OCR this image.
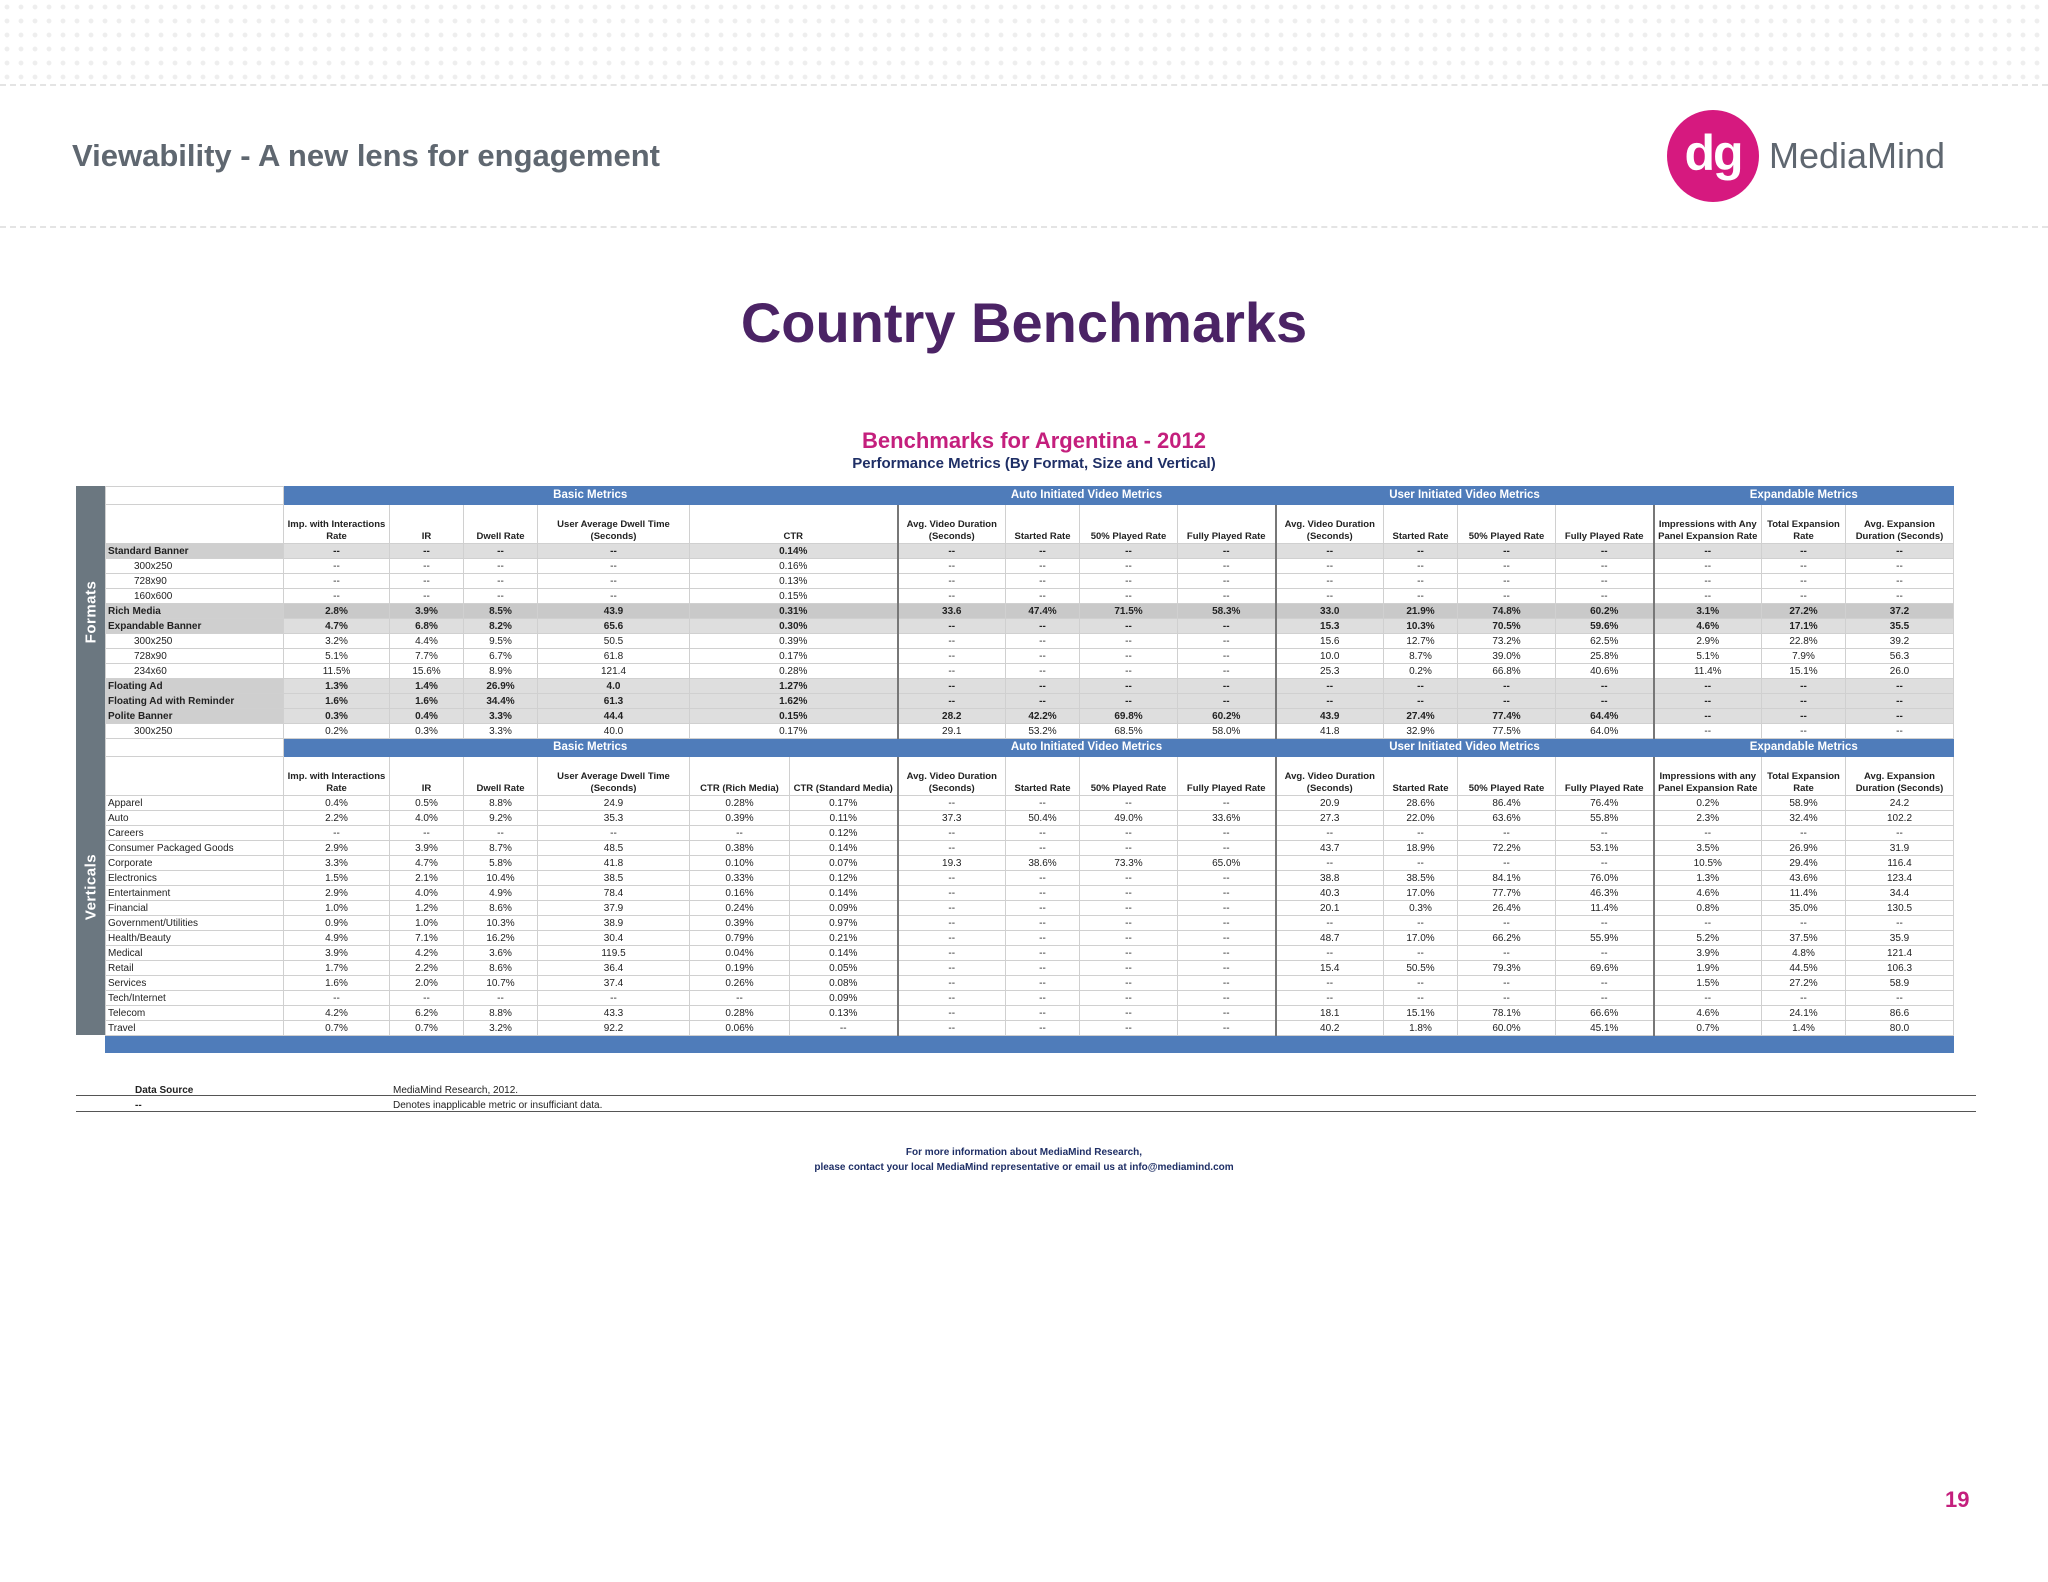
Viewability - A new lens for engagement	dg MediaMind
Country Benchmarks
Benchmarks for Argentina - 2012
Performance Metrics (By Format, Size and Vertical)
Formats
Verticals
	Basic Metrics						Auto Initiated Video Metrics				User Initiated Video Metrics				Expandable Metrics		
	Imp. with Interactions Rate	IR	Dwell Rate	User Average Dwell Time (Seconds)	CTR		Avg. Video Duration (Seconds)	Started Rate	50% Played Rate	Fully Played Rate	Avg. Video Duration (Seconds)	Started Rate	50% Played Rate	Fully Played Rate	Impressions with Any Panel Expansion Rate	Total Expansion Rate	Avg. Expansion Duration (Seconds)
Standard Banner	--	--	--	--	0.14%		--	--	--	--	--	--	--	--	--	--	--
300x250	--	--	--	--	0.16%		--	--	--	--	--	--	--	--	--	--	--
728x90	--	--	--	--	0.13%		--	--	--	--	--	--	--	--	--	--	--
160x600	--	--	--	--	0.15%		--	--	--	--	--	--	--	--	--	--	--
Rich Media	2.8%	3.9%	8.5%	43.9	0.31%		33.6	47.4%	71.5%	58.3%	33.0	21.9%	74.8%	60.2%	3.1%	27.2%	37.2
Expandable Banner	4.7%	6.8%	8.2%	65.6	0.30%		--	--	--	--	15.3	10.3%	70.5%	59.6%	4.6%	17.1%	35.5
300x250	3.2%	4.4%	9.5%	50.5	0.39%		--	--	--	--	15.6	12.7%	73.2%	62.5%	2.9%	22.8%	39.2
728x90	5.1%	7.7%	6.7%	61.8	0.17%		--	--	--	--	10.0	8.7%	39.0%	25.8%	5.1%	7.9%	56.3
234x60	11.5%	15.6%	8.9%	121.4	0.28%		--	--	--	--	25.3	0.2%	66.8%	40.6%	11.4%	15.1%	26.0
Floating Ad	1.3%	1.4%	26.9%	4.0	1.27%		--	--	--	--	--	--	--	--	--	--	--
Floating Ad with Reminder	1.6%	1.6%	34.4%	61.3	1.62%		--	--	--	--	--	--	--	--	--	--	--
Polite Banner	0.3%	0.4%	3.3%	44.4	0.15%		28.2	42.2%	69.8%	60.2%	43.9	27.4%	77.4%	64.4%	--	--	--
300x250	0.2%	0.3%	3.3%	40.0	0.17%		29.1	53.2%	68.5%	58.0%	41.8	32.9%	77.5%	64.0%	--	--	--
	Basic Metrics						Auto Initiated Video Metrics				User Initiated Video Metrics				Expandable Metrics		
	Imp. with Interactions Rate	IR	Dwell Rate	User Average Dwell Time (Seconds)	CTR (Rich Media)	CTR (Standard Media)	Avg. Video Duration (Seconds)	Started Rate	50% Played Rate	Fully Played Rate	Avg. Video Duration (Seconds)	Started Rate	50% Played Rate	Fully Played Rate	Impressions with any Panel Expansion Rate	Total Expansion Rate	Avg. Expansion Duration (Seconds)
Apparel	0.4%	0.5%	8.8%	24.9	0.28%	0.17%	--	--	--	--	20.9	28.6%	86.4%	76.4%	0.2%	58.9%	24.2
Auto	2.2%	4.0%	9.2%	35.3	0.39%	0.11%	37.3	50.4%	49.0%	33.6%	27.3	22.0%	63.6%	55.8%	2.3%	32.4%	102.2
Careers	--	--	--	--	--	0.12%	--	--	--	--	--	--	--	--	--	--	--
Consumer Packaged Goods	2.9%	3.9%	8.7%	48.5	0.38%	0.14%	--	--	--	--	43.7	18.9%	72.2%	53.1%	3.5%	26.9%	31.9
Corporate	3.3%	4.7%	5.8%	41.8	0.10%	0.07%	19.3	38.6%	73.3%	65.0%	--	--	--	--	10.5%	29.4%	116.4
Electronics	1.5%	2.1%	10.4%	38.5	0.33%	0.12%	--	--	--	--	38.8	38.5%	84.1%	76.0%	1.3%	43.6%	123.4
Entertainment	2.9%	4.0%	4.9%	78.4	0.16%	0.14%	--	--	--	--	40.3	17.0%	77.7%	46.3%	4.6%	11.4%	34.4
Financial	1.0%	1.2%	8.6%	37.9	0.24%	0.09%	--	--	--	--	20.1	0.3%	26.4%	11.4%	0.8%	35.0%	130.5
Government/Utilities	0.9%	1.0%	10.3%	38.9	0.39%	0.97%	--	--	--	--	--	--	--	--	--	--	--
Health/Beauty	4.9%	7.1%	16.2%	30.4	0.79%	0.21%	--	--	--	--	48.7	17.0%	66.2%	55.9%	5.2%	37.5%	35.9
Medical	3.9%	4.2%	3.6%	119.5	0.04%	0.14%	--	--	--	--	--	--	--	--	3.9%	4.8%	121.4
Retail	1.7%	2.2%	8.6%	36.4	0.19%	0.05%	--	--	--	--	15.4	50.5%	79.3%	69.6%	1.9%	44.5%	106.3
Services	1.6%	2.0%	10.7%	37.4	0.26%	0.08%	--	--	--	--	--	--	--	--	1.5%	27.2%	58.9
Tech/Internet	--	--	--	--	--	0.09%	--	--	--	--	--	--	--	--	--	--	--
Telecom	4.2%	6.2%	8.8%	43.3	0.28%	0.13%	--	--	--	--	18.1	15.1%	78.1%	66.6%	4.6%	24.1%	86.6
Travel	0.7%	0.7%	3.2%	92.2	0.06%	--	--	--	--	--	40.2	1.8%	60.0%	45.1%	0.7%	1.4%	80.0

Data Source	MediaMind Research, 2012.
--	Denotes inapplicable metric or insufficiant data.
For more information about MediaMind Research,
please contact your local MediaMind representative or email us at info@mediamind.com
19
